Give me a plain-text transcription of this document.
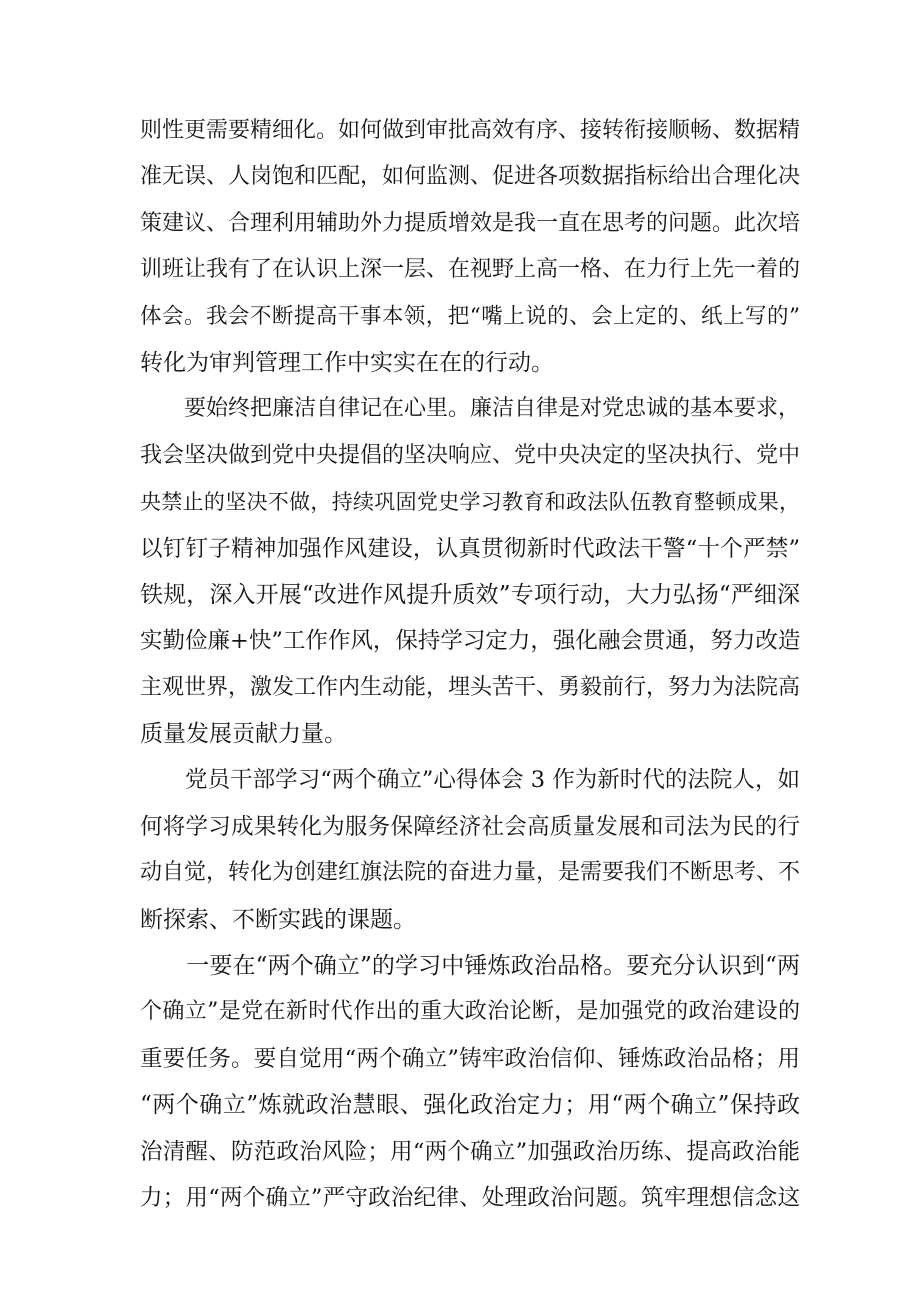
则性更需要精细化。如何做到审批高效有序、接转衔接顺畅、数据精
准无误、人岗饱和匹配，如何监测、促进各项数据指标给出合理化决
策建议、合理利用辅助外力提质增效是我一直在思考的问题。此次培
训班让我有了在认识上深一层、在视野上高一格、在力行上先一着的
体会。我会不断提高干事本领，把“嘴上说的、会上定的、纸上写的”
转化为审判管理工作中实实在在的行动。
　　要始终把廉洁自律记在心里。廉洁自律是对党忠诚的基本要求，
我会坚决做到党中央提倡的坚决响应、党中央决定的坚决执行、党中
央禁止的坚决不做，持续巩固党史学习教育和政法队伍教育整顿成果，
以钉钉子精神加强作风建设，认真贯彻新时代政法干警“十个严禁”
铁规，深入开展“改进作风提升质效”专项行动，大力弘扬“严细深
实勤俭廉+快”工作作风，保持学习定力，强化融会贯通，努力改造
主观世界，激发工作内生动能，埋头苦干、勇毅前行，努力为法院高
质量发展贡献力量。
　　党员干部学习“两个确立”心得体会 3 作为新时代的法院人，如
何将学习成果转化为服务保障经济社会高质量发展和司法为民的行
动自觉，转化为创建红旗法院的奋进力量，是需要我们不断思考、不
断探索、不断实践的课题。
　　一要在“两个确立”的学习中锤炼政治品格。要充分认识到“两
个确立”是党在新时代作出的重大政治论断，是加强党的政治建设的
重要任务。要自觉用“两个确立”铸牢政治信仰、锤炼政治品格；用
“两个确立”炼就政治慧眼、强化政治定力；用“两个确立”保持政
治清醒、防范政治风险；用“两个确立”加强政治历练、提高政治能
力；用“两个确立”严守政治纪律、处理政治问题。筑牢理想信念这
